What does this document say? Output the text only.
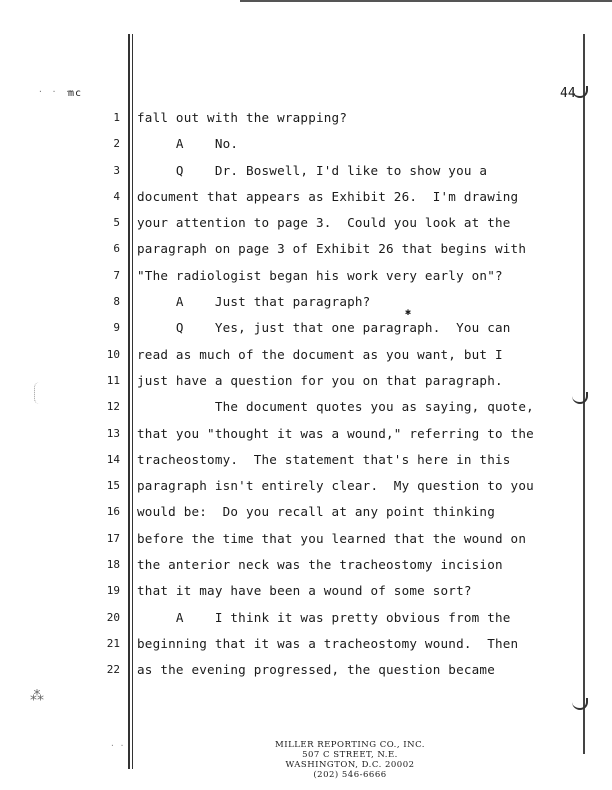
· · ·
mc	44
✱
1 fall out with the wrapping?
2 A    No.
3 Q    Dr. Boswell, I'd like to show you a
4 document that appears as Exhibit 26.  I'm drawing
5 your attention to page 3.  Could you look at the
6 paragraph on page 3 of Exhibit 26 that begins with
7 "The radiologist began his work very early on"?
8 A    Just that paragraph?
9 Q    Yes, just that one paragraph.  You can
10 read as much of the document as you want, but I
11 just have a question for you on that paragraph.
12 The document quotes you as saying, quote,
13 that you "thought it was a wound," referring to the
14 tracheostomy.  The statement that's here in this
15 paragraph isn't entirely clear.  My question to you
16 would be:  Do you recall at any point thinking
17 before the time that you learned that the wound on
18 the anterior neck was the tracheostomy incision
19 that it may have been a wound of some sort?
20 A    I think it was pretty obvious from the
21 beginning that it was a tracheostomy wound.  Then
22 as the evening progressed, the question became
⁂
· ·	MILLER REPORTING CO., INC.
507 C STREET, N.E.
WASHINGTON, D.C. 20002
(202) 546-6666
